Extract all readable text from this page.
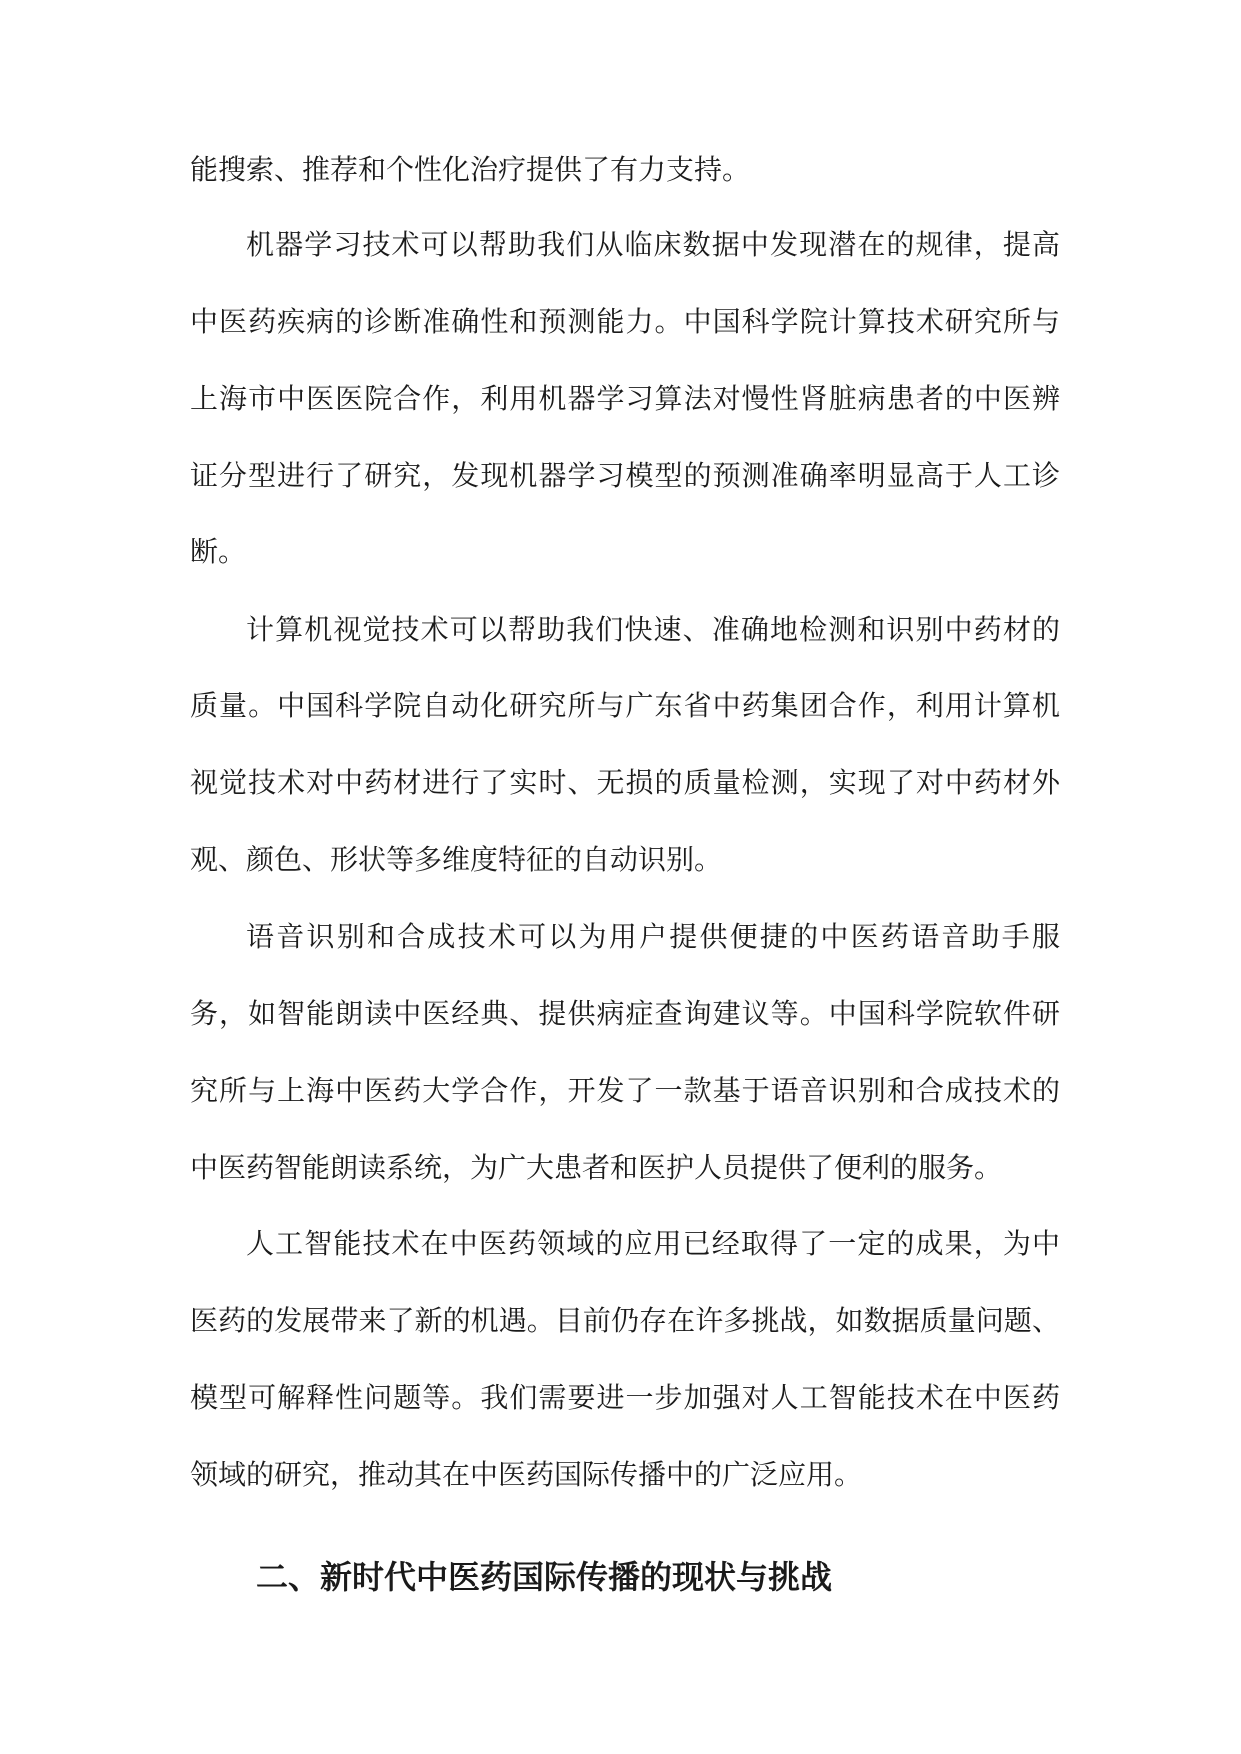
能搜索、推荐和个性化治疗提供了有力支持。
机器学习技术可以帮助我们从临床数据中发现潜在的规律，提高
中医药疾病的诊断准确性和预测能力。中国科学院计算技术研究所与
上海市中医医院合作，利用机器学习算法对慢性肾脏病患者的中医辨
证分型进行了研究，发现机器学习模型的预测准确率明显高于人工诊
断。
计算机视觉技术可以帮助我们快速、准确地检测和识别中药材的
质量。中国科学院自动化研究所与广东省中药集团合作，利用计算机
视觉技术对中药材进行了实时、无损的质量检测，实现了对中药材外
观、颜色、形状等多维度特征的自动识别。
语音识别和合成技术可以为用户提供便捷的中医药语音助手服
务，如智能朗读中医经典、提供病症查询建议等。中国科学院软件研
究所与上海中医药大学合作，开发了一款基于语音识别和合成技术的
中医药智能朗读系统，为广大患者和医护人员提供了便利的服务。
人工智能技术在中医药领域的应用已经取得了一定的成果，为中
医药的发展带来了新的机遇。目前仍存在许多挑战，如数据质量问题、
模型可解释性问题等。我们需要进一步加强对人工智能技术在中医药
领域的研究，推动其在中医药国际传播中的广泛应用。
二、新时代中医药国际传播的现状与挑战
